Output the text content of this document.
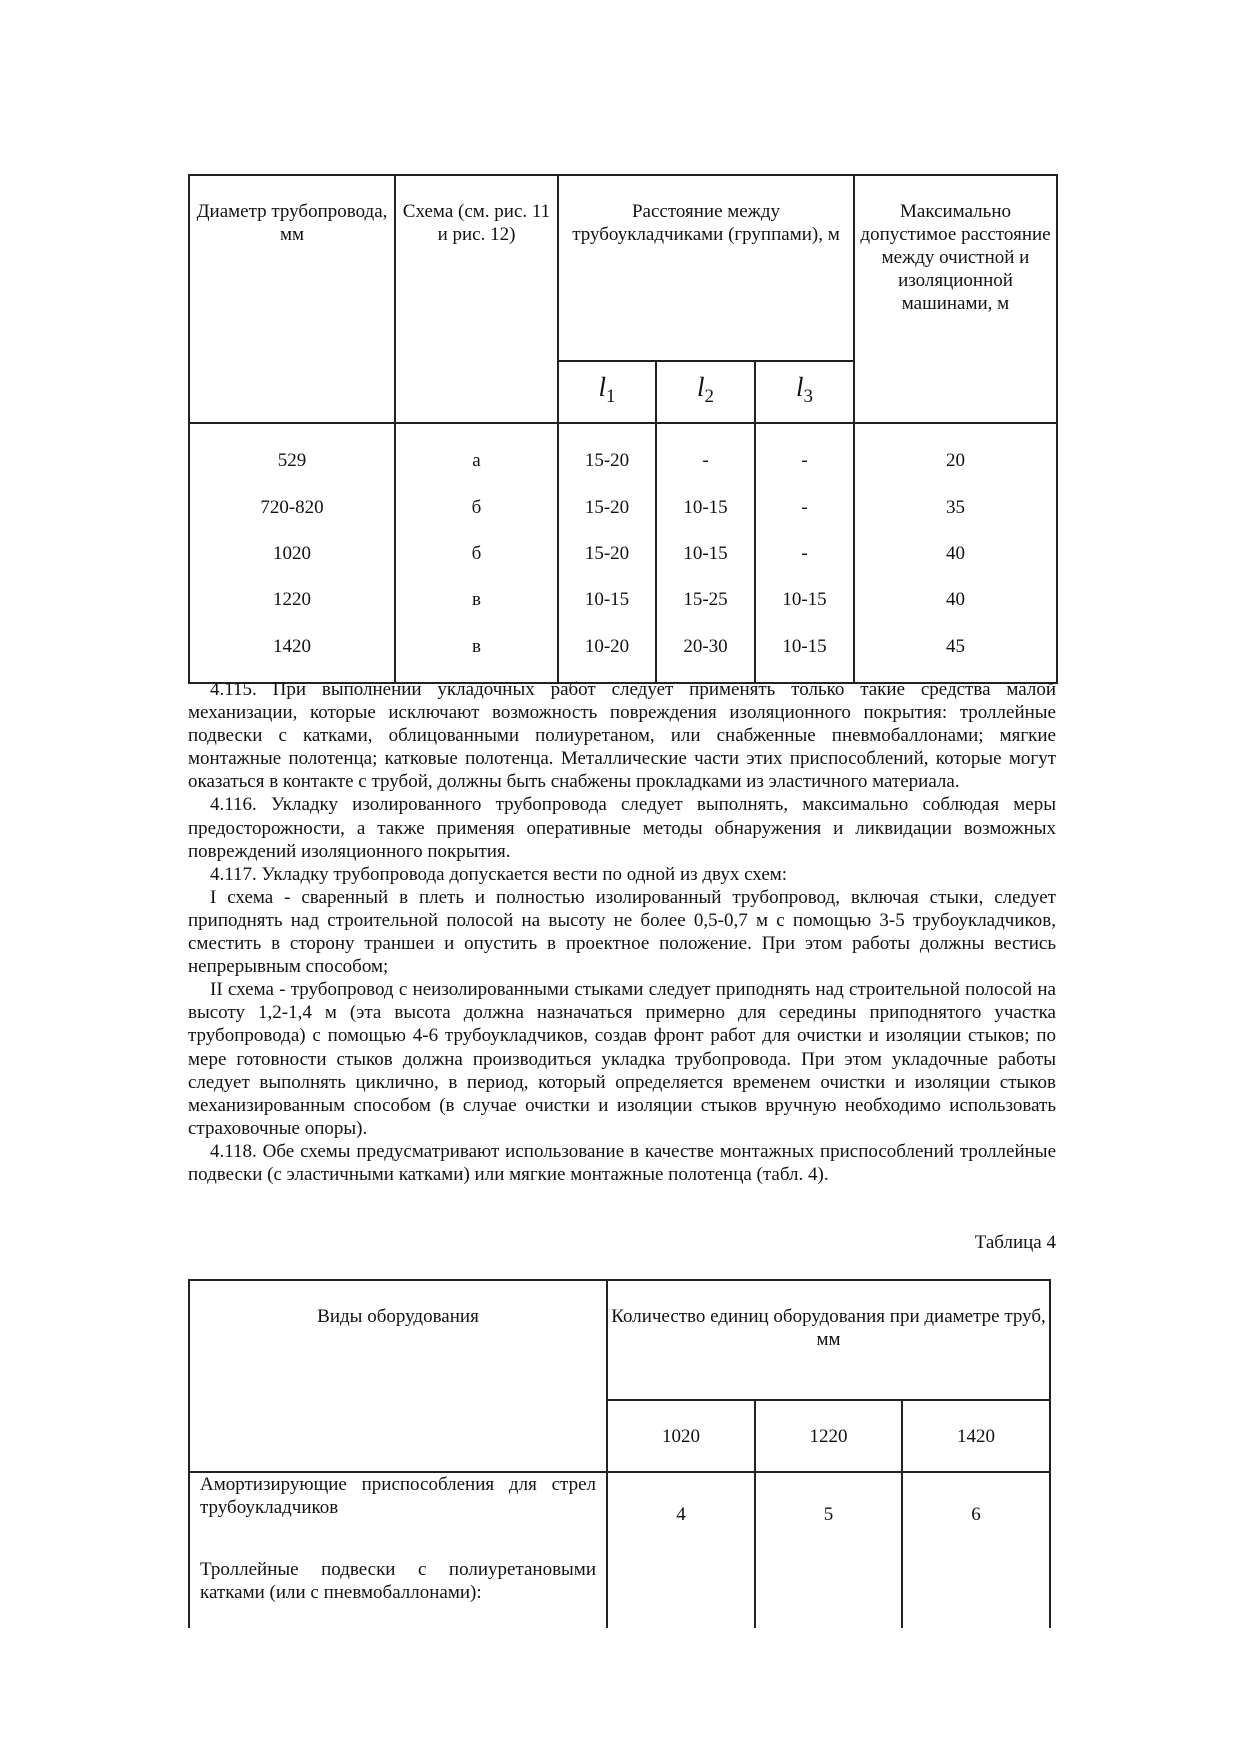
Диаметр трубопровода, мм	Схема (см. рис. 11 и рис. 12)	Расстояние между трубоукладчиками (группами), м			Максимально допустимое расстояние между очистной и изоляционной машинами, м
		$l_1$	$l_2$	$l_3$
529	а	15-20	-	-	20
720-820	б	15-20	10-15	-	35
1020	б	15-20	10-15	-	40
1220	в	10-15	15-25	10-15	40
1420	в	10-20	20-30	10-15	45

4.115. При выполнении укладочных работ следует применять только такие средства малой механизации, которые исключают возможность повреждения изоляционного покрытия: троллейные подвески с катками, облицованными полиуретаном, или снабженные пневмобаллонами; мягкие монтажные полотенца; катковые полотенца. Металлические части этих приспособлений, которые могут оказаться в контакте с трубой, должны быть снабжены прокладками из эластичного материала.

4.116. Укладку изолированного трубопровода следует выполнять, максимально соблюдая меры предосторожности, а также применяя оперативные методы обнаружения и ликвидации возможных повреждений изоляционного покрытия.

4.117. Укладку трубопровода допускается вести по одной из двух схем:

I схема - сваренный в плеть и полностью изолированный трубопровод, включая стыки, следует приподнять над строительной полосой на высоту не более 0,5-0,7 м с помощью 3-5 трубоукладчиков, сместить в сторону траншеи и опустить в проектное положение. При этом работы должны вестись непрерывным способом;

II схема - трубопровод с неизолированными стыками следует приподнять над строительной полосой на высоту 1,2-1,4 м (эта высота должна назначаться примерно для середины приподнятого участка трубопровода) с помощью 4-6 трубоукладчиков, создав фронт работ для очистки и изоляции стыков; по мере готовности стыков должна производиться укладка трубопровода. При этом укладочные работы следует выполнять циклично, в период, который определяется временем очистки и изоляции стыков механизированным способом (в случае очистки и изоляции стыков вручную необходимо использовать страховочные опоры).

4.118. Обе схемы предусматривают использование в качестве монтажных приспособлений троллейные подвески (с эластичными катками) или мягкие монтажные полотенца (табл. 4).

Таблица 4
Виды оборудования	Количество единиц оборудования при диаметре труб, мм		
	1020	1220	1420
Амортизирующие приспособления для стрел трубоукладчиков	4	5	6
Троллейные подвески с полиуретановыми катками (или с пневмобаллонами):			
